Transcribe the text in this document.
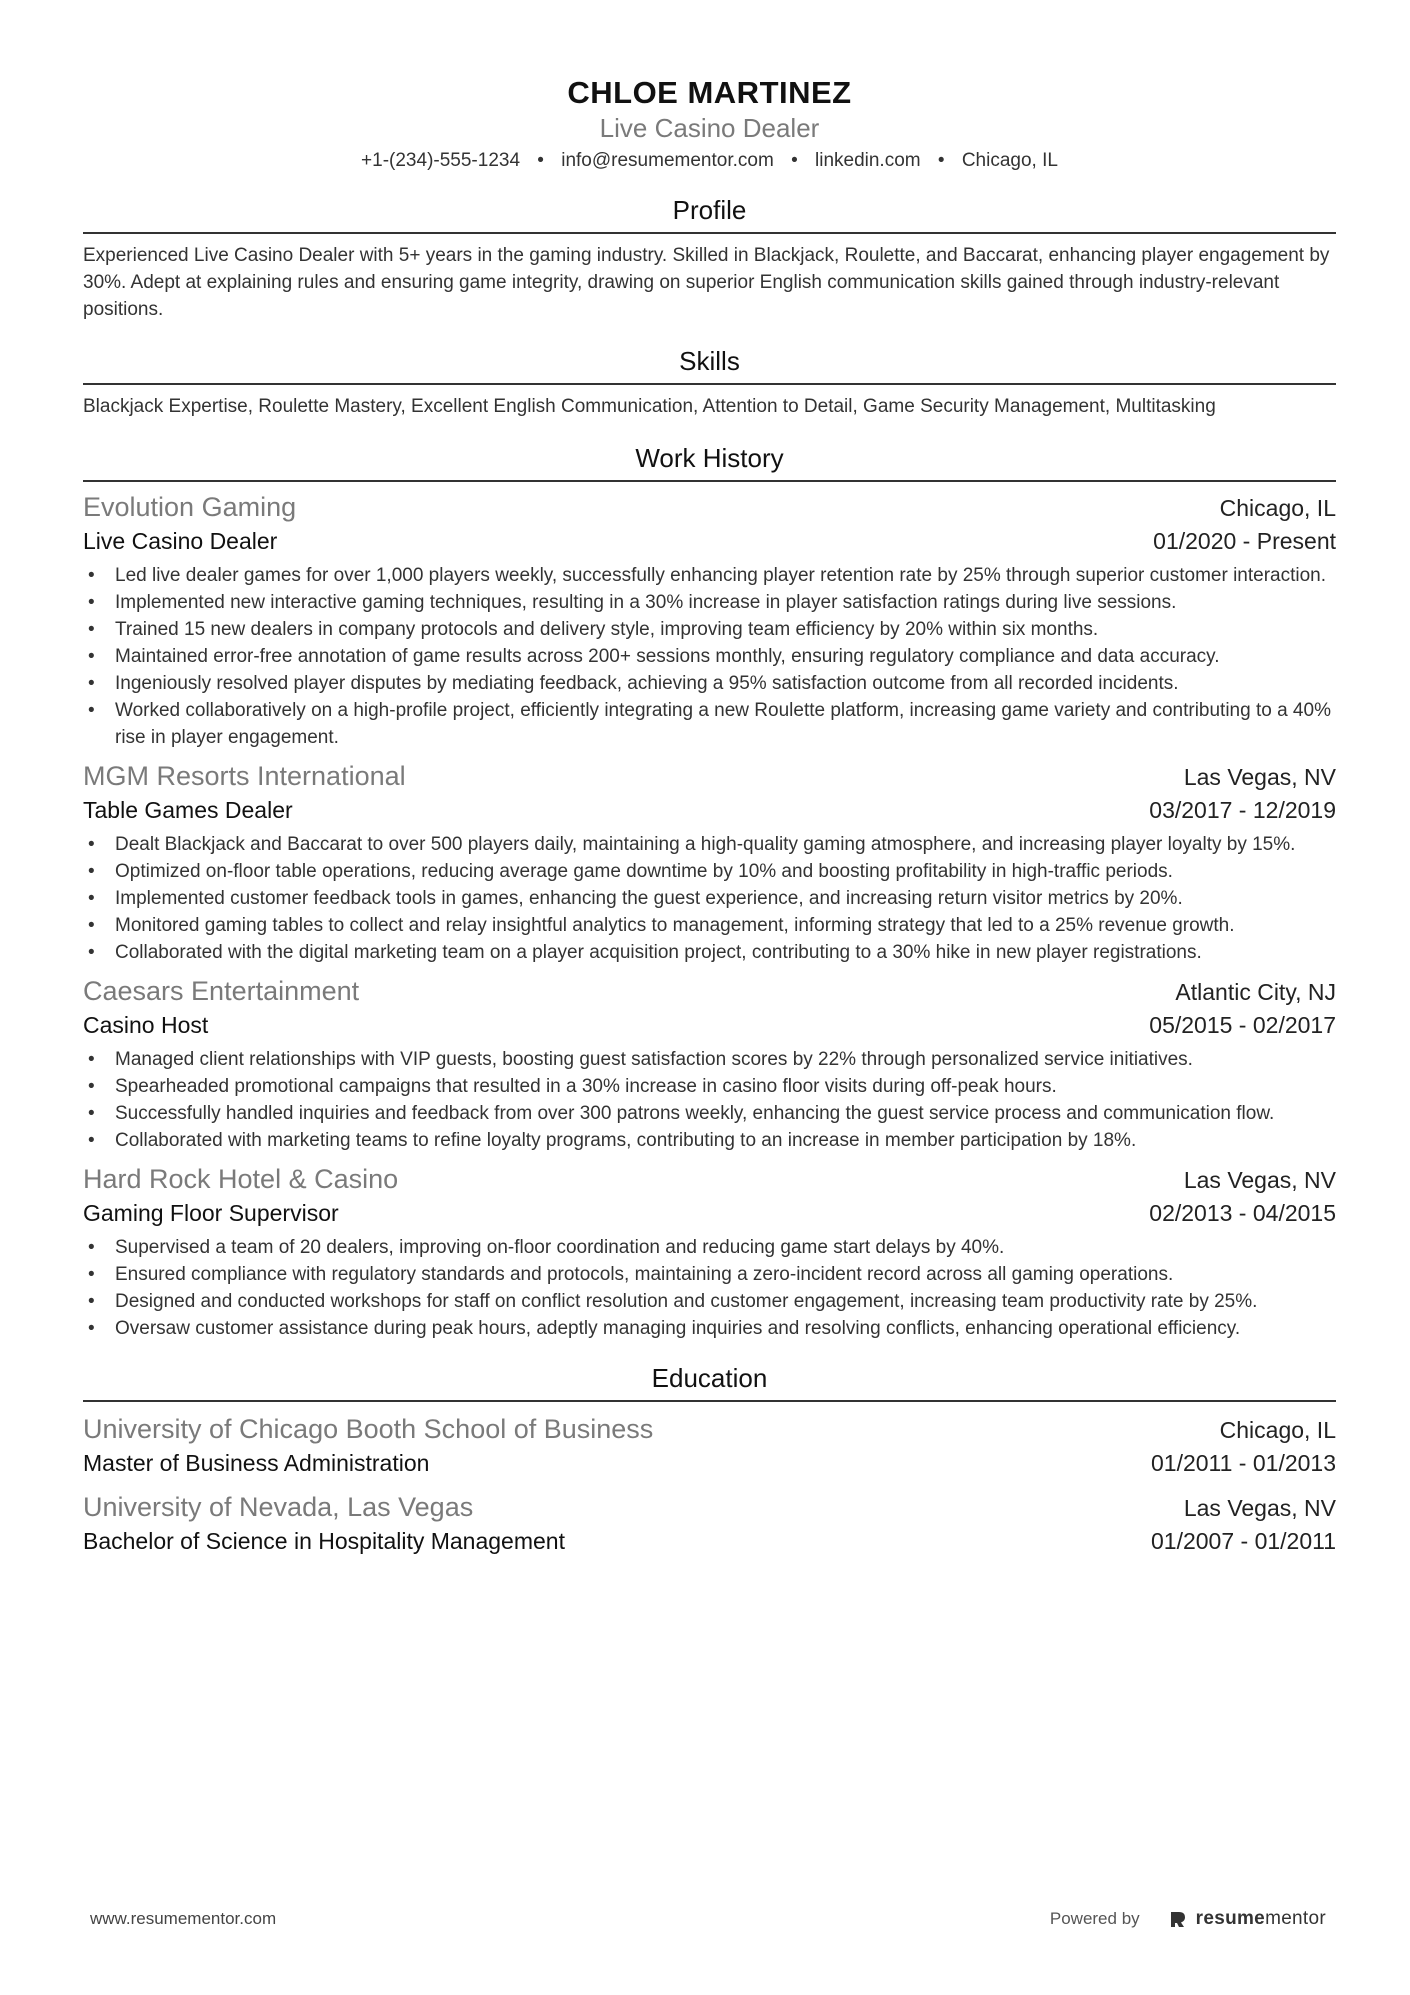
CHLOE MARTINEZ
Live Casino Dealer
+1-(234)-555-1234 • info@resumementor.com • linkedin.com • Chicago, IL
Profile
Experienced Live Casino Dealer with 5+ years in the gaming industry. Skilled in Blackjack, Roulette, and Baccarat, enhancing player engagement by 30%. Adept at explaining rules and ensuring game integrity, drawing on superior English communication skills gained through industry-relevant positions.
Skills
Blackjack Expertise, Roulette Mastery, Excellent English Communication, Attention to Detail, Game Security Management, Multitasking
Work History
Evolution Gaming	Chicago, IL
Live Casino Dealer	01/2020 - Present
• Led live dealer games for over 1,000 players weekly, successfully enhancing player retention rate by 25% through superior customer interaction.
• Implemented new interactive gaming techniques, resulting in a 30% increase in player satisfaction ratings during live sessions.
• Trained 15 new dealers in company protocols and delivery style, improving team efficiency by 20% within six months.
• Maintained error-free annotation of game results across 200+ sessions monthly, ensuring regulatory compliance and data accuracy.
• Ingeniously resolved player disputes by mediating feedback, achieving a 95% satisfaction outcome from all recorded incidents.
• Worked collaboratively on a high-profile project, efficiently integrating a new Roulette platform, increasing game variety and contributing to a 40% rise in player engagement.
MGM Resorts International	Las Vegas, NV
Table Games Dealer	03/2017 - 12/2019
• Dealt Blackjack and Baccarat to over 500 players daily, maintaining a high-quality gaming atmosphere, and increasing player loyalty by 15%.
• Optimized on-floor table operations, reducing average game downtime by 10% and boosting profitability in high-traffic periods.
• Implemented customer feedback tools in games, enhancing the guest experience, and increasing return visitor metrics by 20%.
• Monitored gaming tables to collect and relay insightful analytics to management, informing strategy that led to a 25% revenue growth.
• Collaborated with the digital marketing team on a player acquisition project, contributing to a 30% hike in new player registrations.
Caesars Entertainment	Atlantic City, NJ
Casino Host	05/2015 - 02/2017
• Managed client relationships with VIP guests, boosting guest satisfaction scores by 22% through personalized service initiatives.
• Spearheaded promotional campaigns that resulted in a 30% increase in casino floor visits during off-peak hours.
• Successfully handled inquiries and feedback from over 300 patrons weekly, enhancing the guest service process and communication flow.
• Collaborated with marketing teams to refine loyalty programs, contributing to an increase in member participation by 18%.
Hard Rock Hotel & Casino	Las Vegas, NV
Gaming Floor Supervisor	02/2013 - 04/2015
• Supervised a team of 20 dealers, improving on-floor coordination and reducing game start delays by 40%.
• Ensured compliance with regulatory standards and protocols, maintaining a zero-incident record across all gaming operations.
• Designed and conducted workshops for staff on conflict resolution and customer engagement, increasing team productivity rate by 25%.
• Oversaw customer assistance during peak hours, adeptly managing inquiries and resolving conflicts, enhancing operational efficiency.
Education
University of Chicago Booth School of Business	Chicago, IL
Master of Business Administration	01/2011 - 01/2013
University of Nevada, Las Vegas	Las Vegas, NV
Bachelor of Science in Hospitality Management	01/2007 - 01/2011
www.resumementor.com	Powered by	resumementor
